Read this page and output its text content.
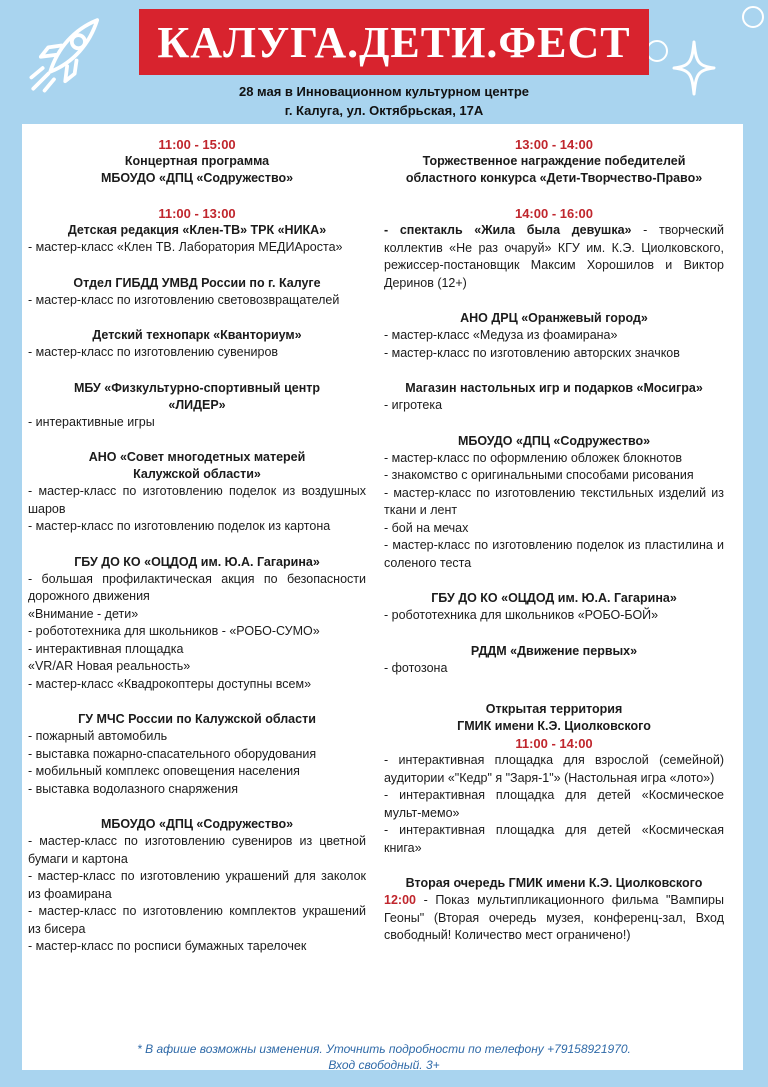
КАЛУГА.ДЕТИ.ФЕСТ
28 мая в Инновационном культурном центре
г. Калуга, ул. Октябрьская, 17А
11:00 - 15:00
Концертная программа
МБОУДО «ДПЦ «Содружество»
11:00 - 13:00
Детская редакция «Клен-ТВ» ТРК «НИКА»
- мастер-класс «Клен ТВ. Лаборатория МЕДИАроста»
Отдел ГИБДД УМВД России по г. Калуге
- мастер-класс по изготовлению световозвращателей
Детский технопарк «Кванториум»
- мастер-класс по изготовлению сувениров
МБУ «Физкультурно-спортивный центр
«ЛИДЕР»
- интерактивные игры
АНО «Совет многодетных матерей
Калужской области»
- мастер-класс по изготовлению поделок из воздушных шаров
- мастер-класс по изготовлению поделок из картона
ГБУ ДО КО «ОЦДОД им. Ю.А. Гагарина»
- большая профилактическая акция по безопасности дорожного движения
«Внимание - дети»
- робототехника для школьников - «РОБО-СУМО»
- интерактивная площадка
«VR/AR Новая реальность»
- мастер-класс «Квадрокоптеры доступны всем»
ГУ МЧС России по Калужской области
- пожарный автомобиль
- выставка пожарно-спасательного оборудования
- мобильный комплекс оповещения населения
- выставка водолазного снаряжения
МБОУДО «ДПЦ «Содружество»
- мастер-класс по изготовлению сувениров из цветной бумаги и картона
- мастер-класс по изготовлению украшений для заколок из фоамирана
- мастер-класс по изготовлению комплектов украшений из бисера
- мастер-класс по росписи бумажных тарелочек
13:00 - 14:00
Торжественное награждение победителей
областного конкурса «Дети-Творчество-Право»
14:00 - 16:00
- спектакль «Жила была девушка» - творческий коллектив «Не раз очаруй» КГУ им. К.Э. Циолковского, режиссер-постановщик Максим Хорошилов и Виктор Деринов (12+)
АНО ДРЦ «Оранжевый город»
- мастер-класс «Медуза из фоамирана»
- мастер-класс по изготовлению авторских значков
Магазин настольных игр и подарков «Мосигра»
- игротека
МБОУДО «ДПЦ «Содружество»
- мастер-класс по оформлению обложек блокнотов
- знакомство с оригинальными способами рисования
- мастер-класс по изготовлению текстильных изделий из ткани и лент
- бой на мечах
- мастер-класс по изготовлению поделок из пластилина и соленого теста
ГБУ ДО КО «ОЦДОД им. Ю.А. Гагарина»
- робототехника для школьников «РОБО-БОЙ»
РДДМ «Движение первых»
- фотозона
Открытая территория
ГМИК имени К.Э. Циолковского
11:00 - 14:00
- интерактивная площадка для взрослой (семейной) аудитории «"Кедр" я "Заря-1"» (Настольная игра «лото»)
- интерактивная площадка для детей «Космическое мульт-мемо»
- интерактивная площадка для детей «Космическая книга»
Вторая очередь ГМИК имени К.Э. Циолковского
12:00 - Показ мультипликационного фильма "Вампиры Геоны" (Вторая очередь музея, конференц-зал, Вход свободный! Количество мест ограничено!)
* В афише возможны изменения. Уточнить подробности по телефону +79158921970.
Вход свободный. 3+
